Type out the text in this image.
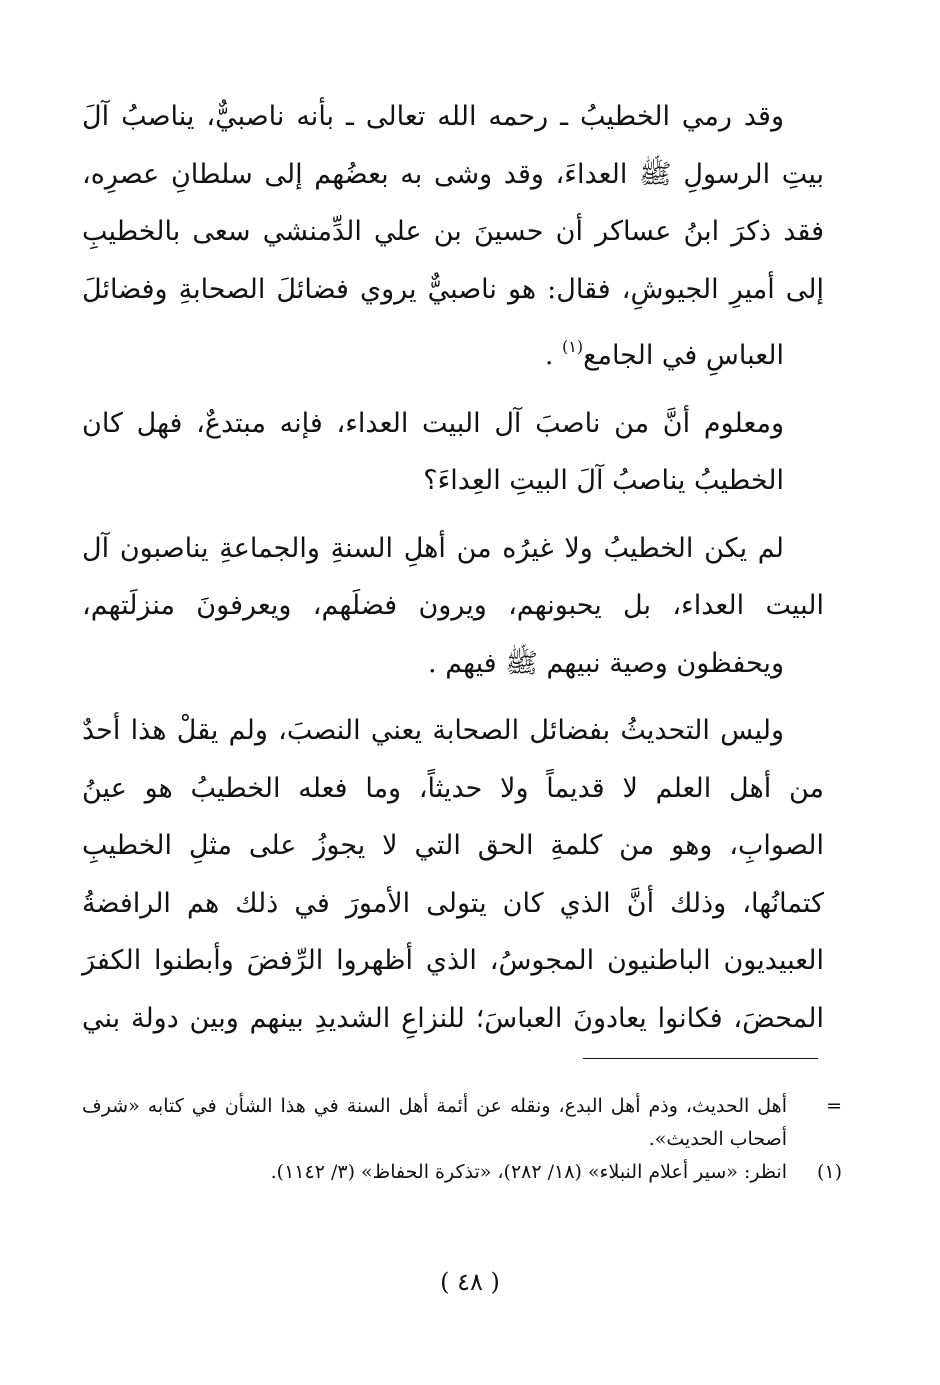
وقد رمي الخطيبُ ـ رحمه الله تعالى ـ بأنه ناصبيٌّ، يناصبُ آلَ بيتِ الرسولِ ﷺ العداءَ، وقد وشى به بعضُهم إلى سلطانِ عصرِه، فقد ذكرَ ابنُ عساكر أن حسينَ بن علي الدِّمنشي سعى بالخطيبِ إلى أميرِ الجيوشِ، فقال: هو ناصبيٌّ يروي فضائلَ الصحابةِ وفضائلَ
العباسِ في الجامع$^{(١)}$ .
ومعلوم أنَّ من ناصبَ آل البيت العداء، فإنه مبتدعٌ، فهل كان
الخطيبُ يناصبُ آلَ البيتِ العِداءَ؟
لم يكن الخطيبُ ولا غيرُه من أهلِ السنةِ والجماعةِ يناصبون آل البيت العداء، بل يحبونهم، ويرون فضلَهم، ويعرفونَ منزلَتهم،
ويحفظون وصية نبيهم ﷺ فيهم .
وليس التحديثُ بفضائل الصحابة يعني النصبَ، ولم يقلْ هذا أحدٌ من أهل العلم لا قديماً ولا حديثاً، وما فعله الخطيبُ هو عينُ الصوابِ، وهو من كلمةِ الحق التي لا يجوزُ على مثلِ الخطيبِ كتمانُها، وذلك أنَّ الذي كان يتولى الأمورَ في ذلك هم الرافضةُ العبيديون الباطنيون المجوسُ، الذي أظهروا الرِّفضَ وأبطنوا الكفرَ المحضَ، فكانوا يعادونَ العباسَ؛ للنزاعِ الشديدِ بينهم وبين دولة بني
=
أهل الحديث، وذم أهل البدع، ونقله عن أئمة أهل السنة في هذا الشأن في كتابه «شرف أصحاب الحديث».
(١)
انظر: «سير أعلام النبلاء» (١٨/ ٢٨٢)، «تذكرة الحفاظ» (٣/ ١١٤٢).
( ٤٨ )
